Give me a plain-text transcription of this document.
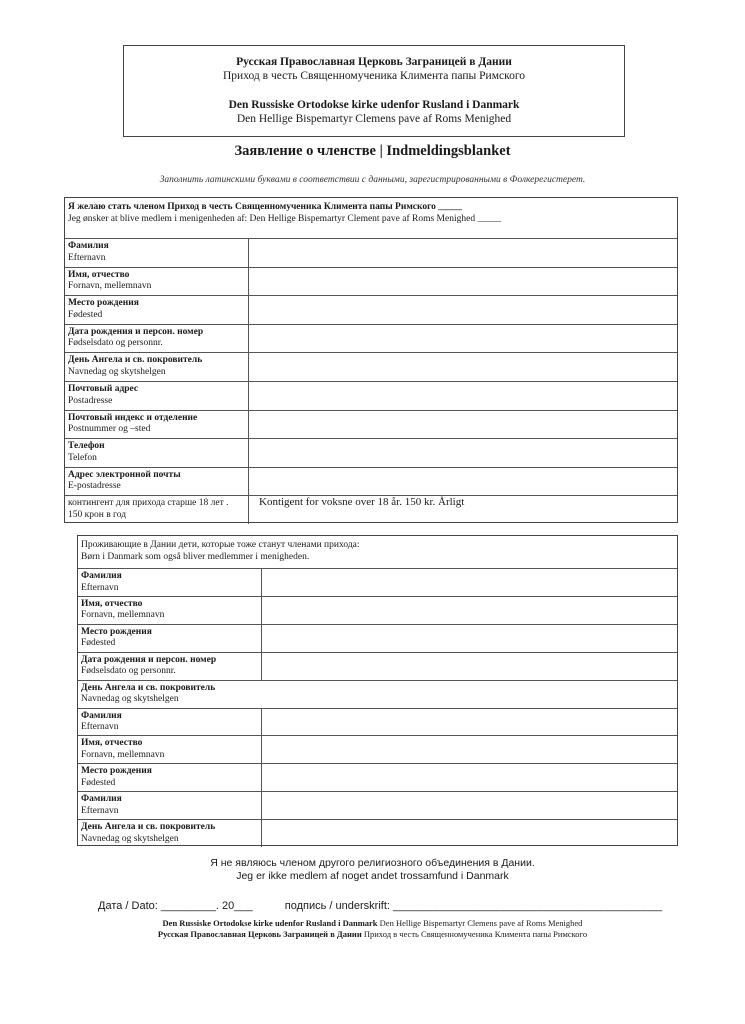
Русская Православная Церковь Заграницей в Дании
Приход в честь Священномученика Климента папы Римского
Den Russiske Ortodokse kirke udenfor Rusland i Danmark
Den Hellige Bispemartyr Clemens pave af Roms Menighed
Заявление о членстве | Indmeldingsblanket
Заполнить латинскими буквами в соответствии с данными, зарегистрированными в Фолкерегистерет.
Я желаю стать членом Приход в честь Священномученика Климента папы Римского _____
Jeg ønsker at blive medlem i menigenheden af: Den Hellige Bispemartyr Clement pave af Roms Menighed _____
Фамилия
Efternavn
Имя, отчество
Fornavn, mellemnavn
Место рождения
Fødested
Дата рождения и персон. номер
Fødselsdato og personnr.
День Ангела и св. покровитель
Navnedag og skytshelgen
Почтовый адрес
Postadresse
Почтовый индекс и отделение
Postnummer og –sted
Телефон
Telefon
Адрес электронной почты
E-postadresse
контингент для прихода старше 18 лет . 150 крон в год
Kontigent for voksne over 18 år. 150 kr. Årligt
Проживающие в Дании дети, которые тоже станут членами прихода:
Børn i Danmark som også bliver medlemmer i menigheden.
Фамилия
Efternavn
Имя, отчество
Fornavn, mellemnavn
Место рождения
Fødested
Дата рождения и персон. номер
Fødselsdato og personnr.
День Ангела и св. покровитель
Navnedag og skytshelgen
Фамилия
Efternavn
Имя, отчество
Fornavn, mellemnavn
Место рождения
Fødested
Фамилия
Efternavn
День Ангела и св. покровитель
Navnedag og skytshelgen
Я не являюсь членом другого религиозного объединения в Дании.
Jeg er ikke medlem af noget andet trossamfund i Danmark
Дата / Dato: _________. 20___	подпись / underskrift: ____________________________________________
Den Russiske Ortodokse kirke udenfor Rusland i Danmark Den Hellige Bispemartyr Clemens pave af Roms Menighed
Русская Православная Церковь Заграницей в Дании Приход в честь Священномученика Климента папы Римского
